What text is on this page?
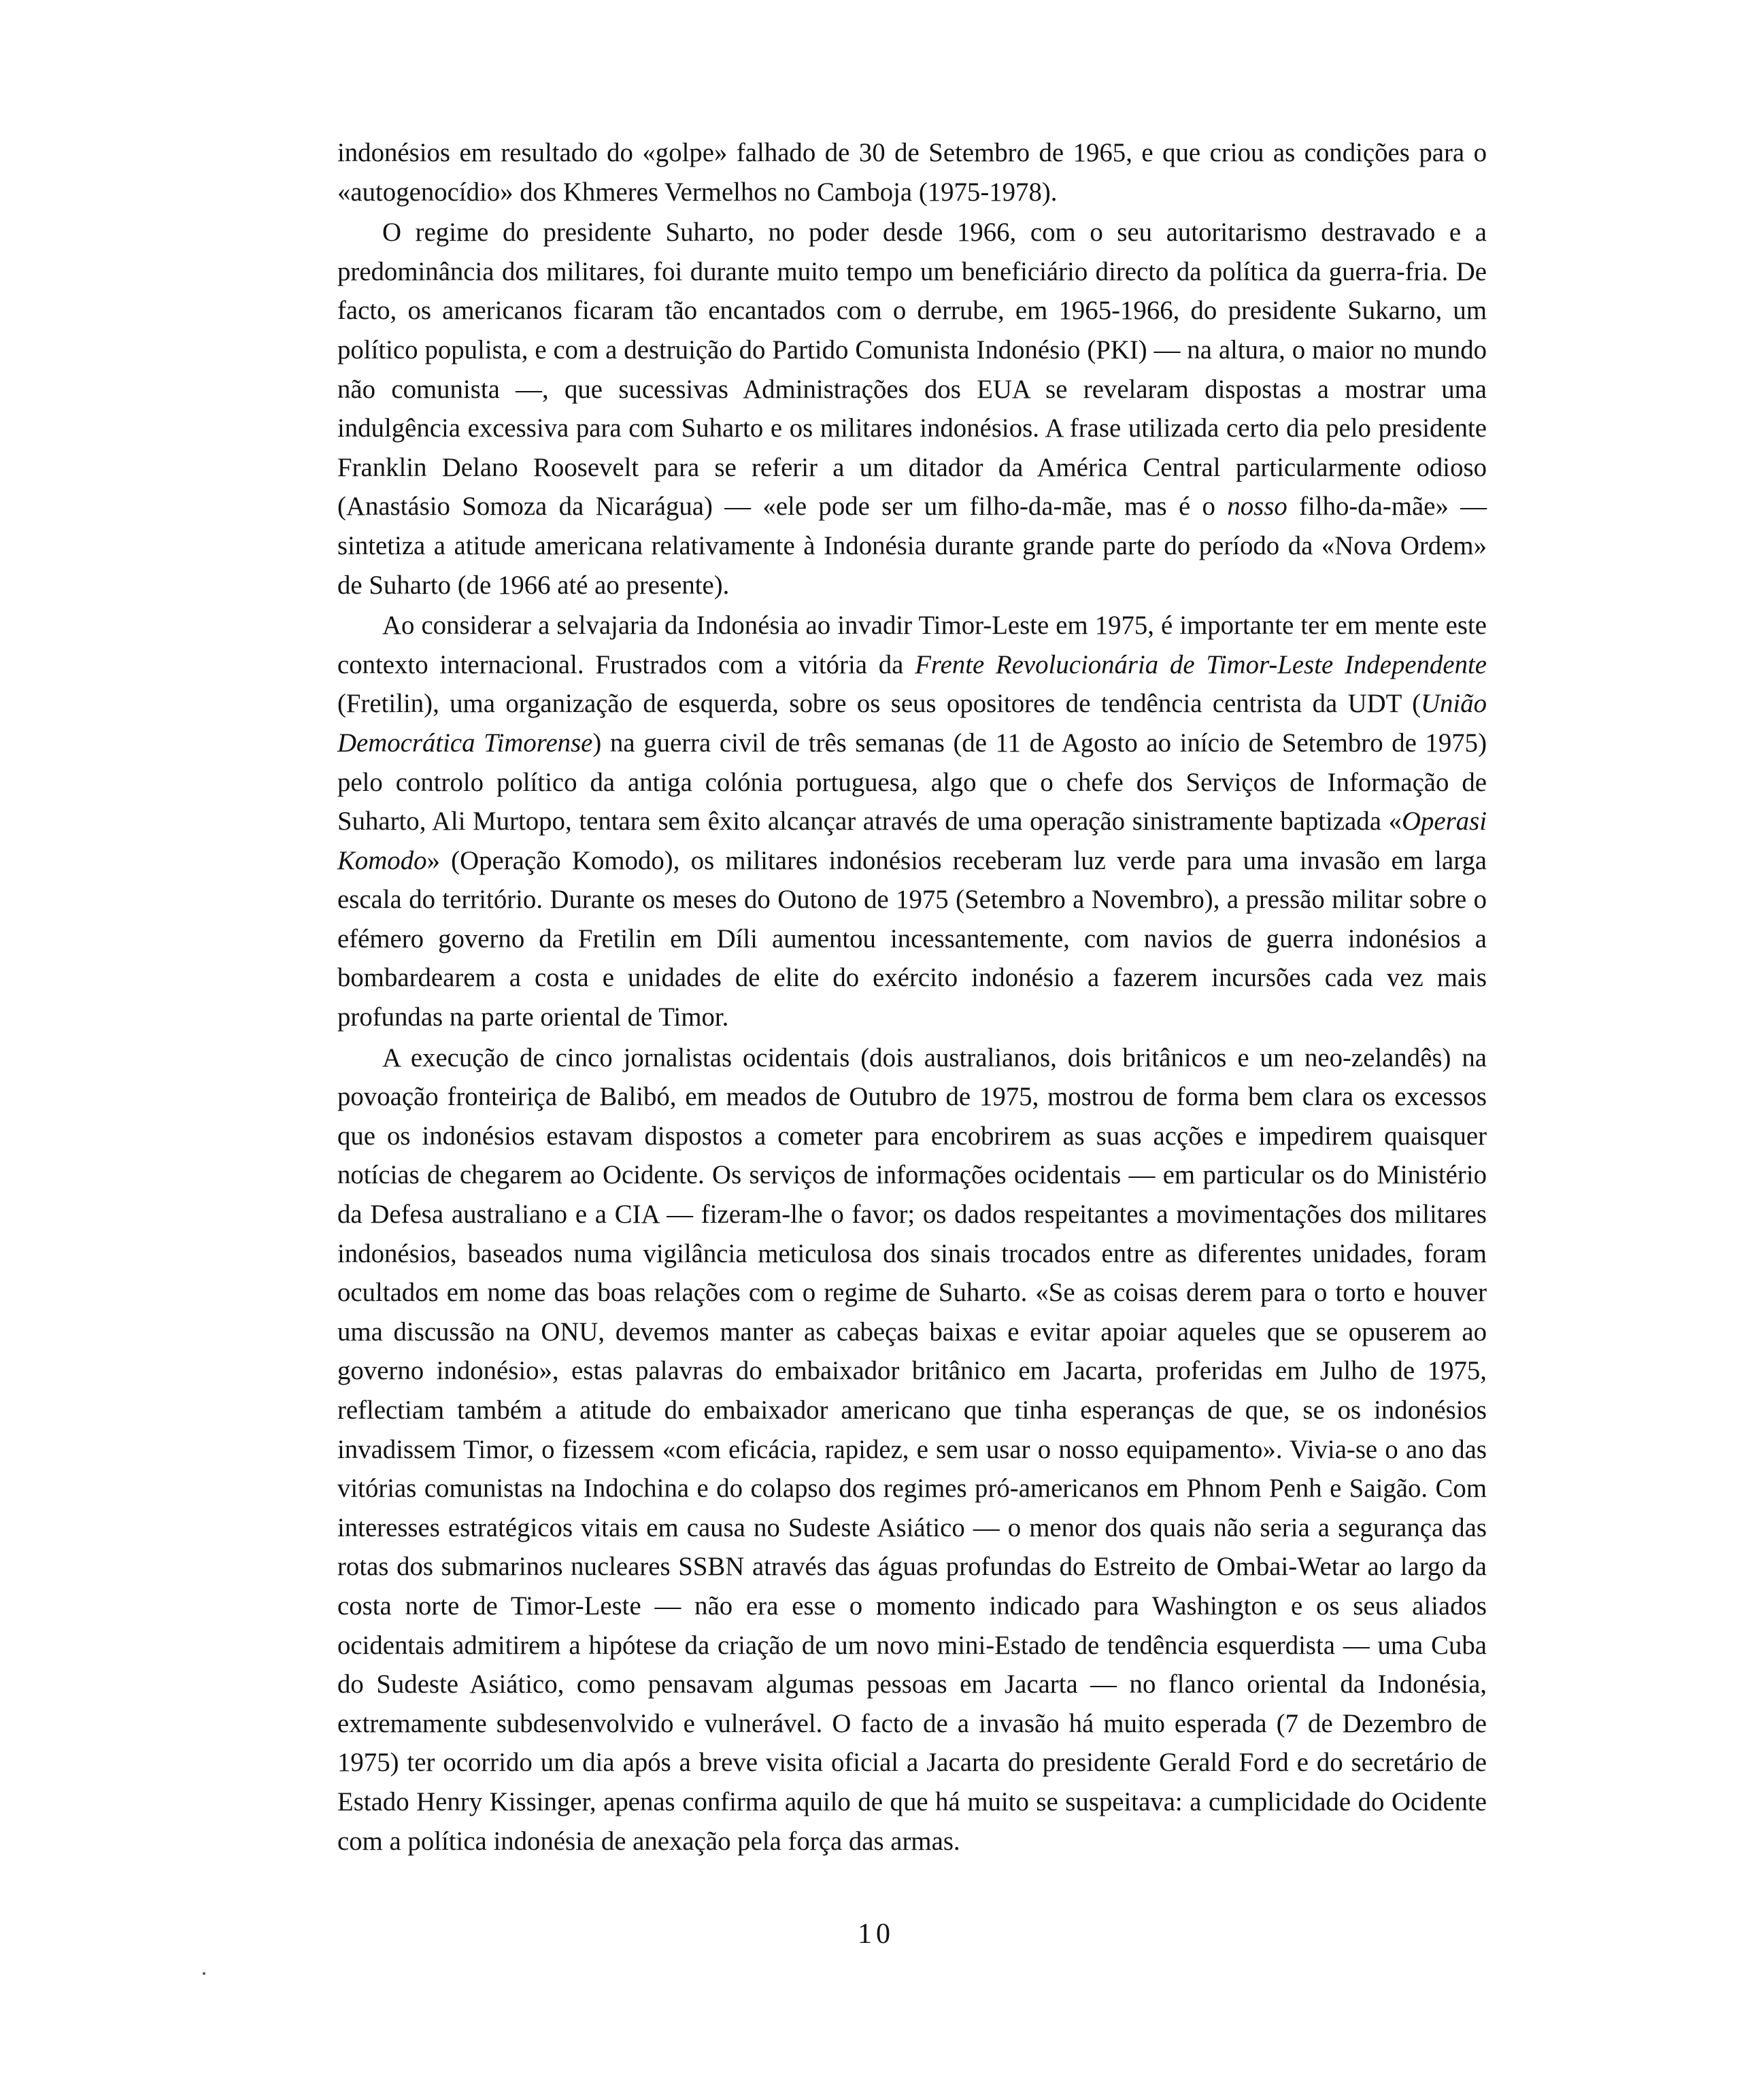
indonésios em resultado do «golpe» falhado de 30 de Setembro de 1965, e que criou as condições para o «autogenocídio» dos Khmeres Vermelhos no Camboja (1975-1978).

O regime do presidente Suharto, no poder desde 1966, com o seu autoritarismo destravado e a predominância dos militares, foi durante muito tempo um beneficiário directo da política da guerra-fria. De facto, os americanos ficaram tão encantados com o derrube, em 1965-1966, do presidente Sukarno, um político populista, e com a destruição do Partido Comunista Indonésio (PKI) — na altura, o maior no mundo não comunista —, que sucessivas Administrações dos EUA se revelaram dispostas a mostrar uma indulgência excessiva para com Suharto e os militares indonésios. A frase utilizada certo dia pelo presidente Franklin Delano Roosevelt para se referir a um ditador da América Central particularmente odioso (Anastásio Somoza da Nicarágua) — «ele pode ser um filho-da-mãe, mas é o nosso filho-da-mãe» — sintetiza a atitude americana relativamente à Indonésia durante grande parte do período da «Nova Ordem» de Suharto (de 1966 até ao presente).

Ao considerar a selvajaria da Indonésia ao invadir Timor-Leste em 1975, é importante ter em mente este contexto internacional. Frustrados com a vitória da Frente Revolucionária de Timor-Leste Independente (Fretilin), uma organização de esquerda, sobre os seus opositores de tendência centrista da UDT (União Democrática Timorense) na guerra civil de três semanas (de 11 de Agosto ao início de Setembro de 1975) pelo controlo político da antiga colónia portuguesa, algo que o chefe dos Serviços de Informação de Suharto, Ali Murtopo, tentara sem êxito alcançar através de uma operação sinistramente baptizada «Operasi Komodo» (Operação Komodo), os militares indonésios receberam luz verde para uma invasão em larga escala do território. Durante os meses do Outono de 1975 (Setembro a Novembro), a pressão militar sobre o efémero governo da Fretilin em Díli aumentou incessantemente, com navios de guerra indonésios a bombardearem a costa e unidades de elite do exército indonésio a fazerem incursões cada vez mais profundas na parte oriental de Timor.

A execução de cinco jornalistas ocidentais (dois australianos, dois britânicos e um neo-zelandês) na povoação fronteiriça de Balibó, em meados de Outubro de 1975, mostrou de forma bem clara os excessos que os indonésios estavam dispostos a cometer para encobrirem as suas acções e impedirem quaisquer notícias de chegarem ao Ocidente. Os serviços de informações ocidentais — em particular os do Ministério da Defesa australiano e a CIA — fizeram-lhe o favor; os dados respeitantes a movimentações dos militares indonésios, baseados numa vigilância meticulosa dos sinais trocados entre as diferentes unidades, foram ocultados em nome das boas relações com o regime de Suharto. «Se as coisas derem para o torto e houver uma discussão na ONU, devemos manter as cabeças baixas e evitar apoiar aqueles que se opuserem ao governo indonésio», estas palavras do embaixador britânico em Jacarta, proferidas em Julho de 1975, reflectiam também a atitude do embaixador americano que tinha esperanças de que, se os indonésios invadissem Timor, o fizessem «com eficácia, rapidez, e sem usar o nosso equipamento». Vivia-se o ano das vitórias comunistas na Indochina e do colapso dos regimes pró-americanos em Phnom Penh e Saigão. Com interesses estratégicos vitais em causa no Sudeste Asiático — o menor dos quais não seria a segurança das rotas dos submarinos nucleares SSBN através das águas profundas do Estreito de Ombai-Wetar ao largo da costa norte de Timor-Leste — não era esse o momento indicado para Washington e os seus aliados ocidentais admitirem a hipótese da criação de um novo mini-Estado de tendência esquerdista — uma Cuba do Sudeste Asiático, como pensavam algumas pessoas em Jacarta — no flanco oriental da Indonésia, extremamente subdesenvolvido e vulnerável. O facto de a invasão há muito esperada (7 de Dezembro de 1975) ter ocorrido um dia após a breve visita oficial a Jacarta do presidente Gerald Ford e do secretário de Estado Henry Kissinger, apenas confirma aquilo de que há muito se suspeitava: a cumplicidade do Ocidente com a política indonésia de anexação pela força das armas.

10
